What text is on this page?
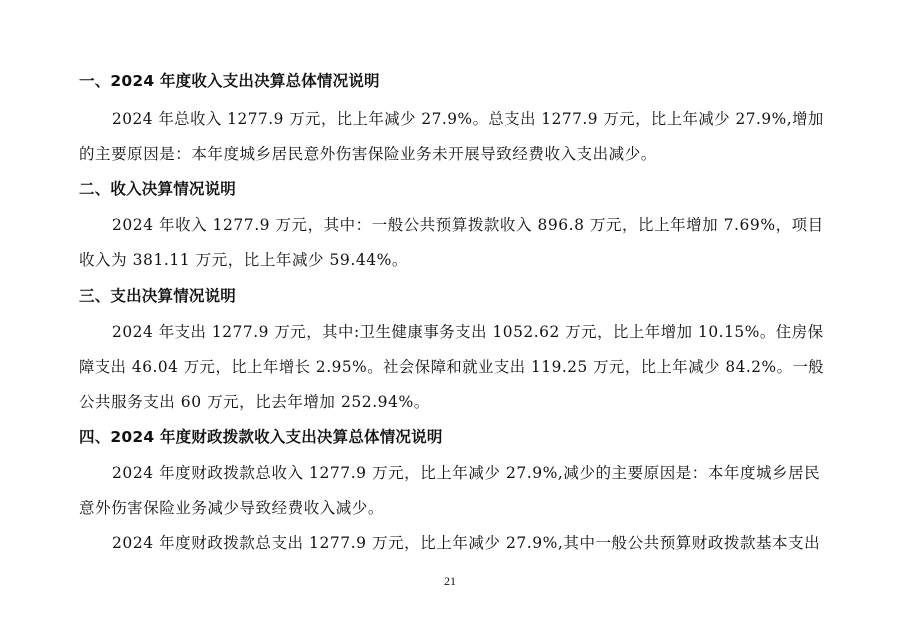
一、2024 年度收入支出决算总体情况说明
2024 年总收入 1277.9 万元，比上年减少 27.9%。总支出 1277.9 万元，比上年减少 27.9%,增加
的主要原因是：本年度城乡居民意外伤害保险业务未开展导致经费收入支出减少。
二、收入决算情况说明
2024 年收入 1277.9 万元，其中：一般公共预算拨款收入 896.8 万元，比上年增加 7.69%，项目
收入为 381.11 万元，比上年减少 59.44%。
三、支出决算情况说明
2024 年支出 1277.9 万元，其中:卫生健康事务支出 1052.62 万元，比上年增加 10.15%。住房保
障支出 46.04 万元，比上年增长 2.95%。社会保障和就业支出 119.25 万元，比上年减少 84.2%。一般
公共服务支出 60 万元，比去年增加 252.94%。
四、2024 年度财政拨款收入支出决算总体情况说明
2024 年度财政拨款总收入 1277.9 万元，比上年减少 27.9%,减少的主要原因是：本年度城乡居民
意外伤害保险业务减少导致经费收入减少。
2024 年度财政拨款总支出 1277.9 万元，比上年减少 27.9%,其中一般公共预算财政拨款基本支出
21
